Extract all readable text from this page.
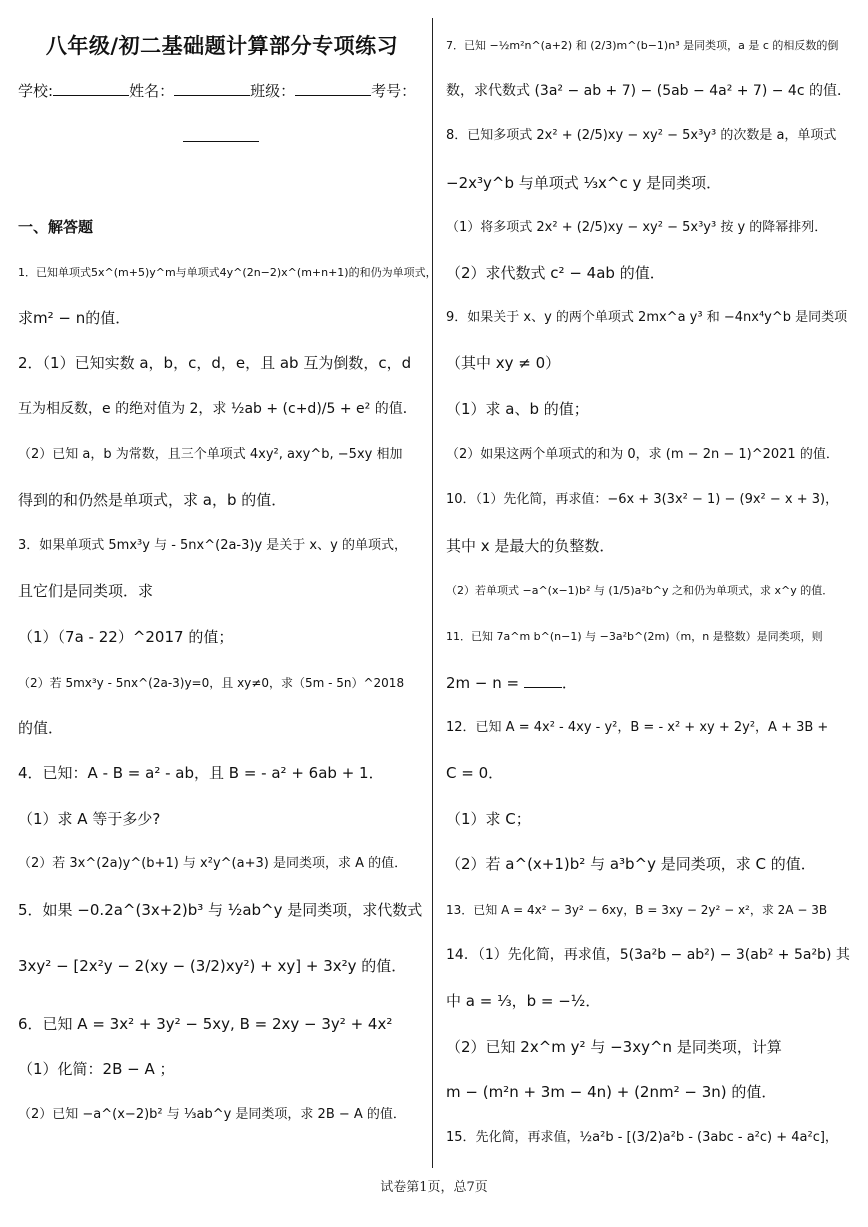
八年级/初二基础题计算部分专项练习
学校:	姓名：	班级：	考号：
一、解答题
1．已知单项式5x^(m+5)y^m与单项式4y^(2n−2)x^(m+n+1)的和仍为单项式，
求m² − n的值．
2．（1）已知实数 a，b，c，d，e，且 ab 互为倒数，c，d
互为相反数，e 的绝对值为 2，求 ½ab + (c+d)/5 + e² 的值．
（2）已知 a，b 为常数，且三个单项式 4xy², axy^b, −5xy 相加
得到的和仍然是单项式，求 a，b 的值．
3．如果单项式 5mx³y 与 - 5nx^(2a-3)y 是关于 x、y 的单项式，
且它们是同类项．求
（1）（7a - 22）^2017 的值；
（2）若 5mx³y - 5nx^(2a-3)y=0，且 xy≠0，求（5m - 5n）^2018
的值．
4．已知：A - B = a² - ab，且 B = - a² + 6ab + 1．
（1）求 A 等于多少?
（2）若 3x^(2a)y^(b+1) 与 x²y^(a+3) 是同类项，求 A 的值．
5．如果 −0.2a^(3x+2)b³ 与 ½ab^y 是同类项，求代数式
3xy² − [2x²y − 2(xy − (3/2)xy²) + xy] + 3x²y 的值．
6．已知 A = 3x² + 3y² − 5xy, B = 2xy − 3y² + 4x²
（1）化简：2B − A ；
（2）已知 −a^(x−2)b² 与 ⅓ab^y 是同类项，求 2B − A 的值．
7．已知 −½m²n^(a+2) 和 (2/3)m^(b−1)n³ 是同类项，a 是 c 的相反数的倒
数，求代数式 (3a² − ab + 7) − (5ab − 4a² + 7) − 4c 的值．
8．已知多项式 2x² + (2/5)xy − xy² − 5x³y³ 的次数是 a，单项式
−2x³y^b 与单项式 ⅓x^c y 是同类项．
（1）将多项式 2x² + (2/5)xy − xy² − 5x³y³ 按 y 的降幂排列．
（2）求代数式 c² − 4ab 的值．
9．如果关于 x、y 的两个单项式 2mx^a y³ 和 −4nx⁴y^b 是同类项
（其中 xy ≠ 0）
（1）求 a、b 的值；
（2）如果这两个单项式的和为 0，求 (m − 2n − 1)^2021 的值．
10．（1）先化简，再求值：−6x + 3(3x² − 1) − (9x² − x + 3)，
其中 x 是最大的负整数．
（2）若单项式 −a^(x−1)b² 与 (1/5)a²b^y 之和仍为单项式，求 x^y 的值．
11．已知 7a^m b^(n−1) 与 −3a²b^(2m)（m，n 是整数）是同类项，则
2m − n =	．
12．已知 A = 4x² - 4xy - y²，B = - x² + xy + 2y²，A + 3B +
C = 0．
（1）求 C；
（2）若 a^(x+1)b² 与 a³b^y 是同类项，求 C 的值．
13．已知 A = 4x² − 3y² − 6xy，B = 3xy − 2y² − x²，求 2A − 3B
14．（1）先化简，再求值，5(3a²b − ab²) − 3(ab² + 5a²b) 其
中 a = ⅓，b = −½．
（2）已知 2x^m y² 与 −3xy^n 是同类项，计算
m − (m²n + 3m − 4n) + (2nm² − 3n) 的值．
15．先化简，再求值，½a²b - [(3/2)a²b - (3abc - a²c) + 4a²c]，
试卷第1页，总7页
